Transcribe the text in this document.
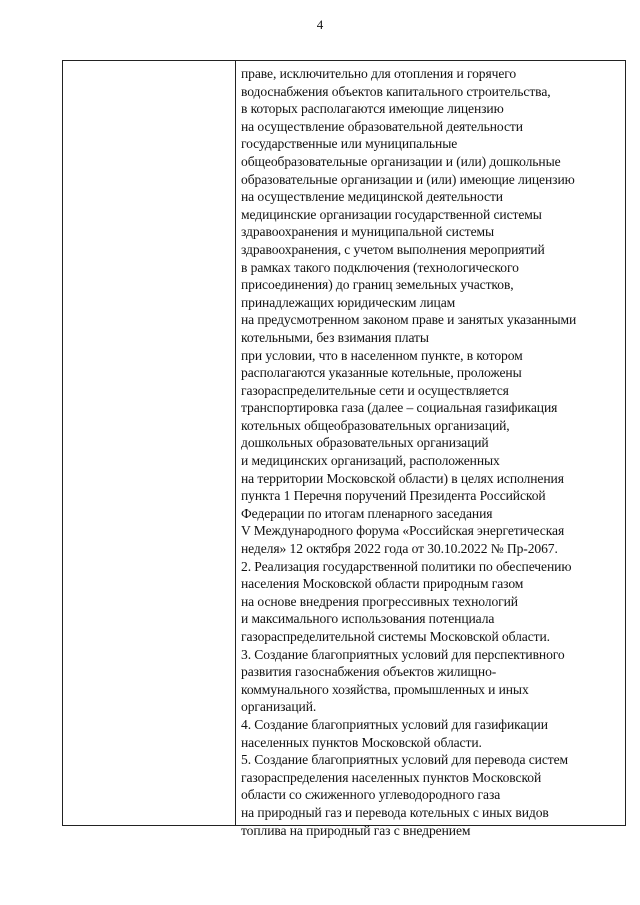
4
праве, исключительно для отопления и горячего
водоснабжения объектов капитального строительства,
в которых располагаются имеющие лицензию
на осуществление образовательной деятельности
государственные или муниципальные
общеобразовательные организации и (или) дошкольные
образовательные организации и (или) имеющие лицензию
на осуществление медицинской деятельности
медицинские организации государственной системы
здравоохранения и муниципальной системы
здравоохранения, с учетом выполнения мероприятий
в рамках такого подключения (технологического
присоединения) до границ земельных участков,
принадлежащих юридическим лицам
на предусмотренном законом праве и занятых указанными
котельными, без взимания платы
при условии, что в населенном пункте, в котором
располагаются указанные котельные, проложены
газораспределительные сети и осуществляется
транспортировка газа (далее – социальная газификация
котельных общеобразовательных организаций,
дошкольных образовательных организаций
и медицинских организаций, расположенных
на территории Московской области) в целях исполнения
пункта 1 Перечня поручений Президента Российской
Федерации по итогам пленарного заседания
V Международного форума «Российская энергетическая
неделя» 12 октября 2022 года от 30.10.2022 № Пр-2067.
2. Реализация государственной политики по обеспечению
населения Московской области природным газом
на основе внедрения прогрессивных технологий
и максимального использования потенциала
газораспределительной системы Московской области.
3. Создание благоприятных условий для перспективного
развития газоснабжения объектов жилищно-
коммунального хозяйства, промышленных и иных
организаций.
4. Создание благоприятных условий для газификации
населенных пунктов Московской области.
5. Создание благоприятных условий для перевода систем
газораспределения населенных пунктов Московской
области со сжиженного углеводородного газа
на природный газ и перевода котельных с иных видов
топлива на природный газ с внедрением
